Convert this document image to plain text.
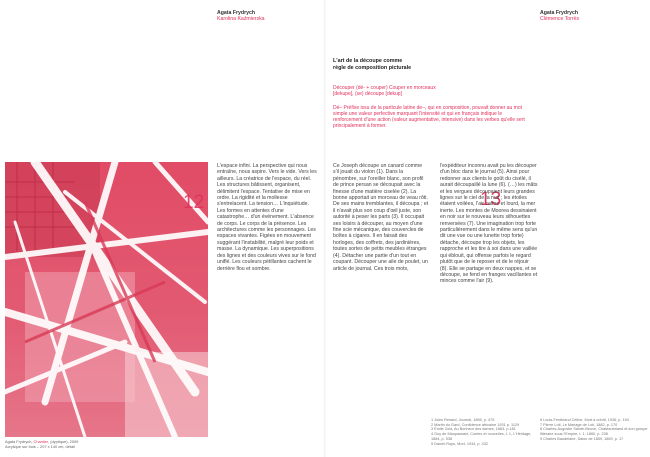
Agata Frydrych
Karolina Kaźmierska
Agata Frydrych
Clémence Torrès
L'art de la découpe comme
règle de composition picturale
Découper (dé- + couper) Couper en morceaux
[dekupe], (se) découpe [dekup]
Dé– Préfixe issu de la particule latine de–, qui en composition, pouvait donner au mot simple une valeur perfective marquant l'intensité et qui en français indique le renforcement d'une action (valeur augmentative, intensive) dans les verbes qu'elle sert principalement à former.
12	13
L'espace infini. La perspective qui nous entraîne, nous aspire. Vers le vide. Vers les ailleurs. La créatrice de l'espace, du réel. Les structures bâtissent, organisent, délimitent l'espace. Tentative de mise en ordre. La rigidité et la mollesse s'entrelacent. La tension… L'inquiétude. Les formes en attentes d'une catastrophe… d'un événement. L'absence de corps. Le corps de la présence. Les architectures comme les personnages. Les espaces vivantes. Figées en mouvement suggérant l'instabilité, malgré leur poids et masse. La dynamique. Les superpositions des lignes et des couleurs vives sur le fond uniflé. Les couleurs pétillantes cachent le derrière flou et sombre.
Ce Joseph découpe un canard comme s'il jouait du violon (1). Dans la pénombre, sur l'oreiller blanc, son profil de prince persan se découpait avec la finesse d'une matière ciselée (2). La bonne apportait un morceau de veau rôti. De ses mains tremblantes, il découpa ; et il n'avait plus son coup d'œil juste, son autorité à peser les parts (3). Il occupait ses loisirs à découper, au moyen d'une fine scie mécanique, des couvercles de boîtes à cigares. Il en faisait des horloges, des coffrets, des jardinières, toutes sortes de petits meubles étranges (4). Détacher une partie d'un tout en coupant. Découper une aile de poulet, un article de journal. Ces trois mots,
l'expéditeur inconnu avait pu les découper d'un bloc dans le journal (5). Ainsi pour redonner aux clients le goût du cisélé, il aurait découpaillé la lune (6). (…) les mâts et les vergues découpaient leurs grandes lignes sur le ciel de la nuit ; les étoiles étaient voilées, l'air calme et lourd, la mer inerte. Les montes de Moorea dessinaient en noir sur le nouveau leurs silhouettes renversées (7). Une imagination trop forte particulièrement dans le même sens qu'un dit une vue ou une lunette trop forte) détache, découpe trop les objets, les rapproche et les tire à soi dans une vaillée qui éblouit, qui offense parfois le regard plutôt que de le reposer et de le réjouir (8). Elle se partage en deux nappes, et se découpe, se fend en franges vacillantes et minces comme l'air (9).
Agata Frydrych, Chantier, (dyptique), 2009
Acrylique sur bois – 207 x 140 cm, détail
1 Jules Renard, Journal, 1898, p. 479
2 Martin du Gard, Confidence africaine 1931 p. 1129
3 Émile Zola, Au Bonheur des dames, 1883, p.181
4 Guy de Maupassant, Contes et nouvelles, t. 1, L'Héritage, 1884, p. 538
5 Daniel-Rops, Mort, 1934, p. 432
6 Louis-Ferdinand Céline, Mort à crédit, 1936, p. 194
7 Pierre Loti, Le Mariage de Loti, 1882, p. 170
8 Charles-Augustin Sainte-Beuve, Chateaubriand et son groupe littéraire sous l'Empire, t. 1, 1860, p. 238
9 Charles Baudelaire, Salon de 1859, 1869, p. 17
